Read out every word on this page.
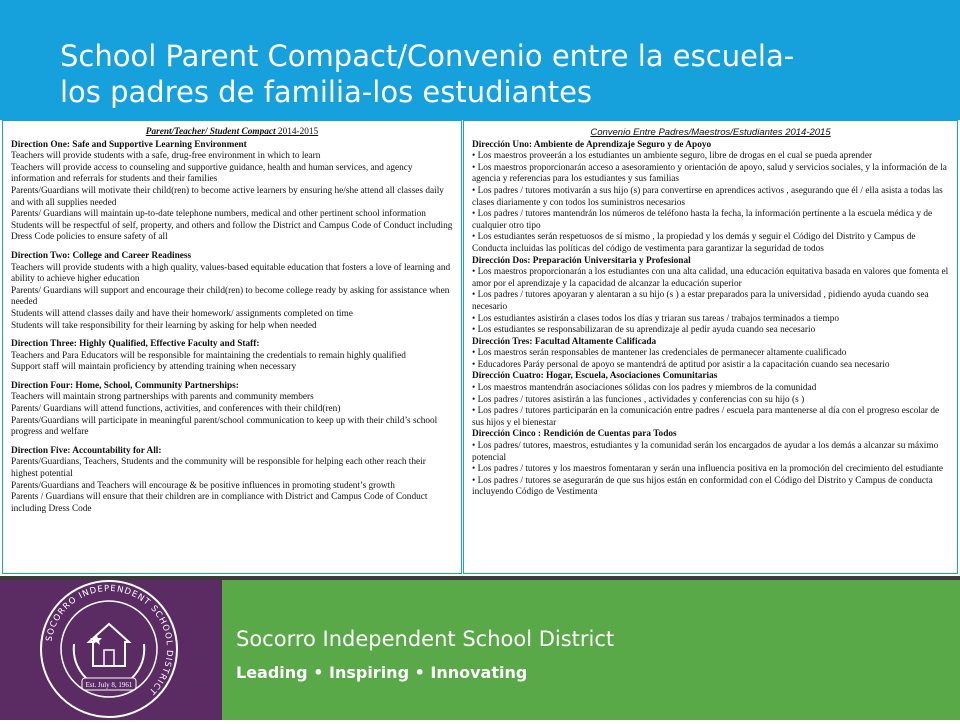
School Parent Compact/Convenio entre la escuela-
los padres de familia-los estudiantes
Parent/Teacher/ Student Compact 2014-2015
Direction One: Safe and Supportive Learning Environment
Teachers will provide students with a safe, drug-free environment in which to learn
Teachers will provide access to counseling and supportive guidance, health and human services, and agency information and referrals for students and their families
Parents/Guardians will motivate their child(ren) to become active learners by ensuring he/she attend all classes daily and with all supplies needed
Parents/ Guardians will maintain up-to-date telephone numbers, medical and other pertinent school information
Students will be respectful of self, property, and others and follow the District and Campus Code of Conduct including Dress Code policies to ensure safety of all
Direction Two: College and Career Readiness
Teachers will provide students with a high quality, values-based equitable education that fosters a love of learning and ability to achieve higher education
Parents/ Guardians will support and encourage their child(ren) to become college ready by asking for assistance when needed
Students will attend classes daily and have their homework/ assignments completed on time
Students will take responsibility for their learning by asking for help when needed
Direction Three: Highly Qualified, Effective Faculty and Staff:
Teachers and Para Educators will be responsible for maintaining the credentials to remain highly qualified
Support staff will maintain proficiency by attending training when necessary
Direction Four: Home, School, Community Partnerships:
Teachers will maintain strong partnerships with parents and community members
Parents/ Guardians will attend functions, activities, and conferences with their child(ren)
Parents/Guardians will participate in meaningful parent/school communication to keep up with their child’s school progress and welfare
Direction Five: Accountability for All:
Parents/Guardians, Teachers, Students and the community will be responsible for helping each other reach their highest potential
Parents/Guardians and Teachers will encourage & be positive influences in promoting student’s growth
Parents / Guardians will ensure that their children are in compliance with District and Campus Code of Conduct including Dress Code
Convenio Entre Padres/Maestros/Estudiantes 2014-2015
Dirección Uno: Ambiente de Aprendizaje Seguro y de Apoyo
• Los maestros proveerán a los estudiantes un ambiente seguro, libre de drogas en el cual se pueda aprender
• Los maestros proporcionarán acceso a asesoramiento y orientación de apoyo, salud y servicios sociales, y la información de la agencia y referencias para los estudiantes y sus familias
• Los padres / tutores motivarán a sus hijo (s) para convertirse en aprendices activos , asegurando que él / ella asista a todas las clases diariamente y con todos los suministros necesarios
• Los padres / tutores mantendrán los números de teléfono hasta la fecha, la información pertinente a la escuela médica y de cualquier otro tipo
• Los estudiantes serán respetuosos de sí mismo , la propiedad y los demás y seguir el Código del Distrito y Campus de Conducta incluidas las políticas del código de vestimenta para garantizar la seguridad de todos
Dirección Dos: Preparación Universitaria y Profesional
• Los maestros proporcionarán a los estudiantes con una alta calidad, una educación equitativa basada en valores que fomenta el amor por el aprendizaje y la capacidad de alcanzar la educación superior
• Los padres / tutores apoyaran y alentaran a su hijo (s ) a estar preparados para la universidad , pidiendo ayuda cuando sea necesario
• Los estudiantes asistirán a clases todos los días y triaran sus tareas / trabajos terminados a tiempo
• Los estudiantes se responsabilizaran de su aprendizaje al pedir ayuda cuando sea necesario
Dirección Tres: Facultad Altamente Calificada
• Los maestros serán responsables de mantener las credenciales de permanecer altamente cualificado
• Educadores Paráy personal de apoyo se mantendrá de aptitud por asistir a la capacitación cuando sea necesario
Dirección Cuatro: Hogar, Escuela, Asociaciones Comunitarias
• Los maestros mantendrán asociaciones sólidas con los padres y miembros de la comunidad
• Los padres / tutores asistirán a las funciones , actividades y conferencias con su hijo (s )
• Los padres / tutores participarán en la comunicación entre padres / escuela para mantenerse al día con el progreso escolar de sus hijos y el bienestar
Dirección Cinco : Rendición de Cuentas para Todos
• Los padres/ tutores, maestros, estudiantes y la comunidad serán los encargados de ayudar a los demás a alcanzar su máximo potencial
• Los padres / tutores y los maestros fomentaran y serán una influencia positiva en la promoción del crecimiento del estudiante
• Los padres / tutores se asegurarán de que sus hijos están en conformidad con el Código del Distrito y Campus de conducta incluyendo Código de Vestimenta
SOCORRO INDEPENDENT SCHOOL DISTRICT
Est. July 8, 1961
Socorro Independent School District
Leading • Inspiring • Innovating
